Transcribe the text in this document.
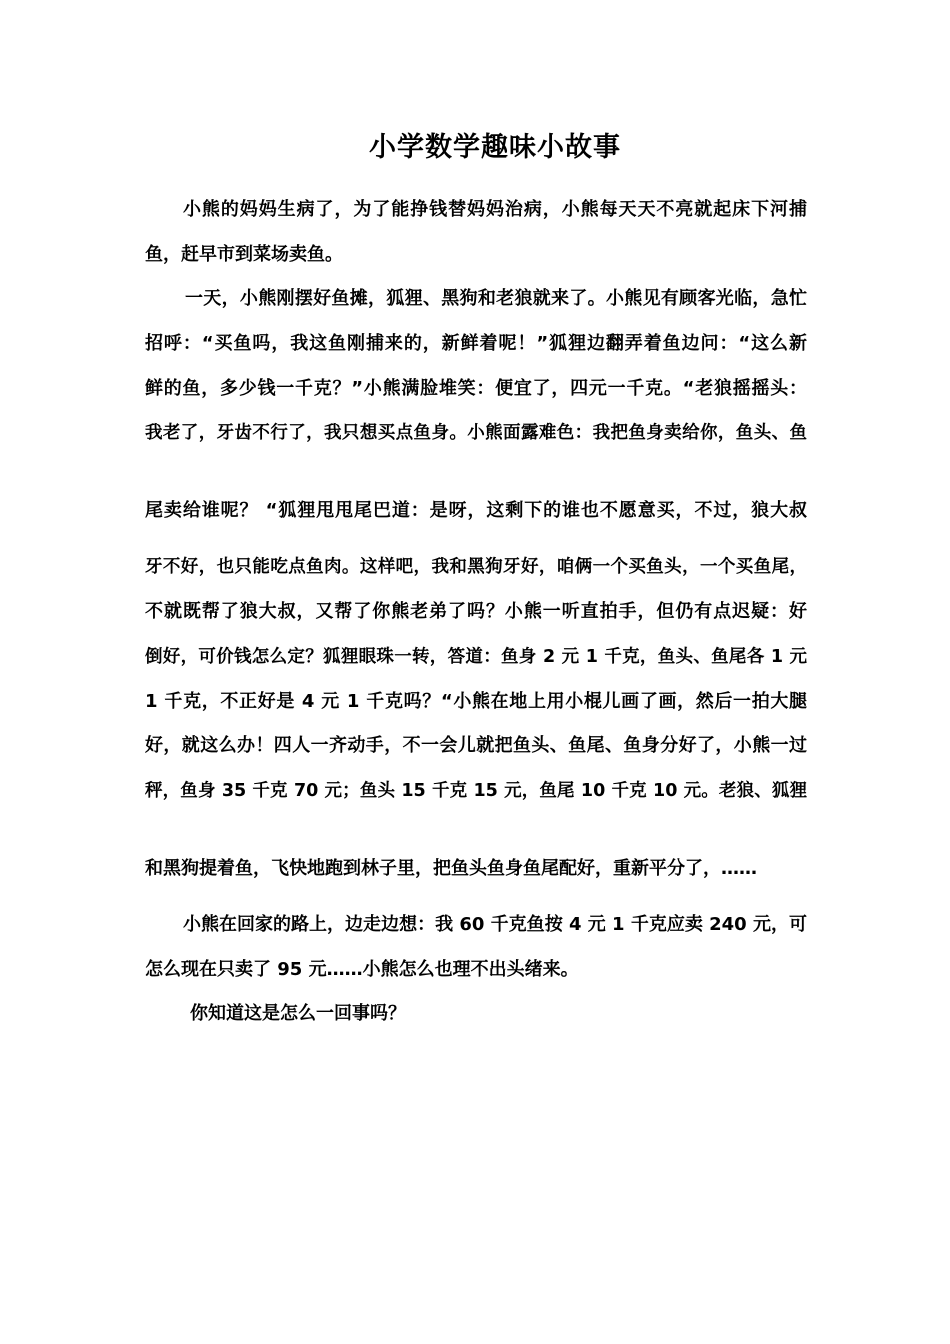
小学数学趣味小故事
小熊的妈妈生病了，为了能挣钱替妈妈治病，小熊每天天不亮就起床下河捕
鱼，赶早市到菜场卖鱼。
一天，小熊刚摆好鱼摊，狐狸、黑狗和老狼就来了。小熊见有顾客光临，急忙
招呼：“买鱼吗，我这鱼刚捕来的，新鲜着呢！”狐狸边翻弄着鱼边问：“这么新
鲜的鱼，多少钱一千克？”小熊满脸堆笑：便宜了，四元一千克。“老狼摇摇头：
我老了，牙齿不行了，我只想买点鱼身。小熊面露难色：我把鱼身卖给你，鱼头、鱼
尾卖给谁呢？ “狐狸甩甩尾巴道：是呀，这剩下的谁也不愿意买，不过，狼大叔
牙不好，也只能吃点鱼肉。这样吧，我和黑狗牙好，咱俩一个买鱼头，一个买鱼尾，
不就既帮了狼大叔，又帮了你熊老弟了吗？小熊一听直拍手，但仍有点迟疑：好
倒好，可价钱怎么定？狐狸眼珠一转，答道：鱼身 2 元 1 千克，鱼头、鱼尾各 1 元
1 千克，不正好是 4 元 1 千克吗？“小熊在地上用小棍儿画了画，然后一拍大腿
好，就这么办！四人一齐动手，不一会儿就把鱼头、鱼尾、鱼身分好了，小熊一过
秤，鱼身 35 千克 70 元；鱼头 15 千克 15 元，鱼尾 10 千克 10 元。老狼、狐狸
和黑狗提着鱼，飞快地跑到林子里，把鱼头鱼身鱼尾配好，重新平分了，……
小熊在回家的路上，边走边想：我 60 千克鱼按 4 元 1 千克应卖 240 元，可
怎么现在只卖了 95 元……小熊怎么也理不出头绪来。
你知道这是怎么一回事吗？
